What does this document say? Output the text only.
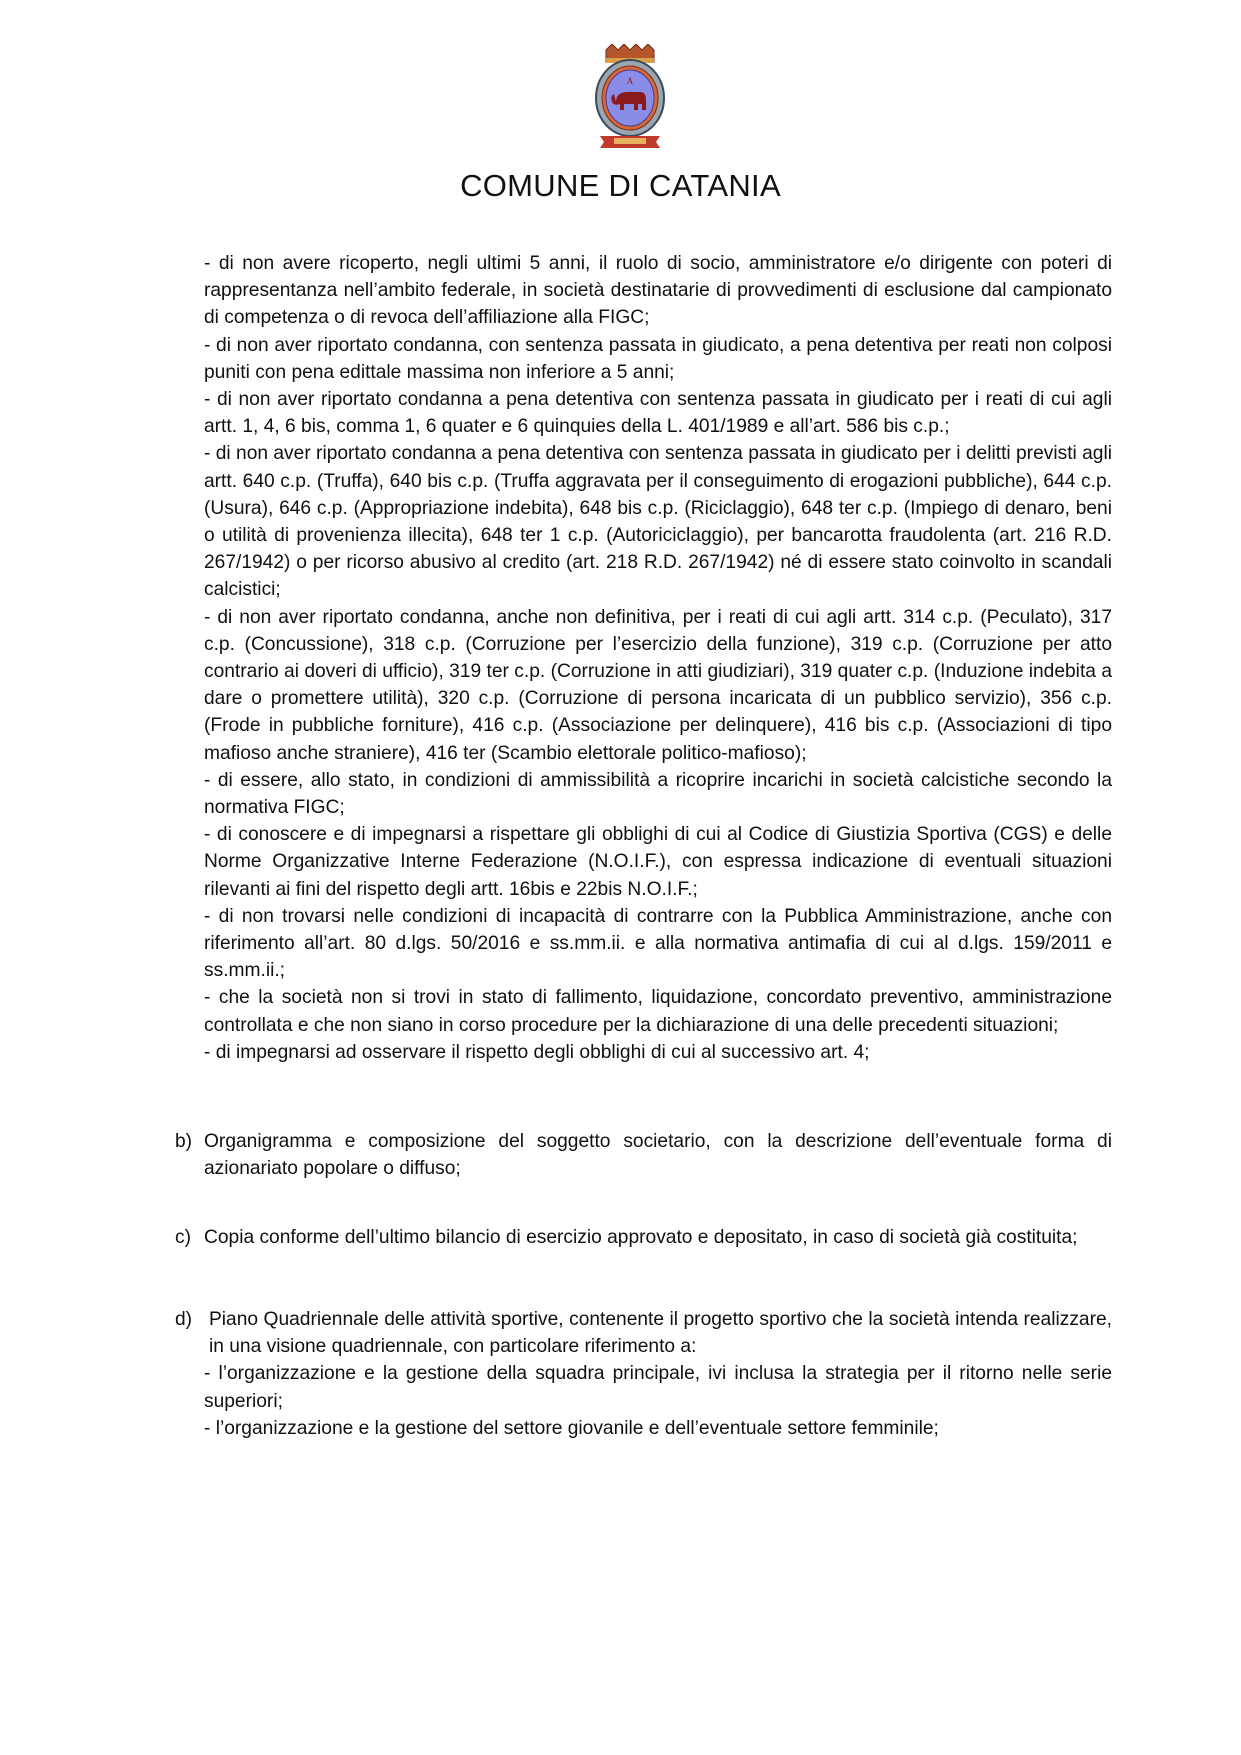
A
COMUNE DI CATANIA

- di non avere ricoperto, negli ultimi 5 anni, il ruolo di socio, amministratore e/o dirigente con poteri di rappresentanza nell’ambito federale, in società destinatarie di provvedimenti di esclusione dal campionato di competenza o di revoca dell’affiliazione alla FIGC;

- di non aver riportato condanna, con sentenza passata in giudicato, a pena detentiva per reati non colposi puniti con pena edittale massima non inferiore a 5 anni;

- di non aver riportato condanna a pena detentiva con sentenza passata in giudicato per i reati di cui agli artt. 1, 4, 6 bis, comma 1, 6 quater e 6 quinquies della L. 401/1989 e all’art. 586 bis c.p.;

- di non aver riportato condanna a pena detentiva con sentenza passata in giudicato per i delitti previsti agli artt. 640 c.p. (Truffa), 640 bis c.p. (Truffa aggravata per il conseguimento di erogazioni pubbliche), 644 c.p. (Usura), 646 c.p. (Appropriazione indebita), 648 bis c.p. (Riciclaggio), 648 ter c.p. (Impiego di denaro, beni o utilità di provenienza illecita), 648 ter 1 c.p. (Autoriciclaggio), per bancarotta fraudolenta (art. 216 R.D. 267/1942) o per ricorso abusivo al credito (art. 218 R.D. 267/1942) né di essere stato coinvolto in scandali calcistici;

- di non aver riportato condanna, anche non definitiva, per i reati di cui agli artt. 314 c.p. (Peculato), 317 c.p. (Concussione), 318 c.p. (Corruzione per l’esercizio della funzione), 319 c.p. (Corruzione per atto contrario ai doveri di ufficio), 319 ter c.p. (Corruzione in atti giudiziari), 319 quater c.p. (Induzione indebita a dare o promettere utilità), 320 c.p. (Corruzione di persona incaricata di un pubblico servizio), 356 c.p. (Frode in pubbliche forniture), 416 c.p. (Associazione per delinquere), 416 bis c.p. (Associazioni di tipo mafioso anche straniere), 416 ter (Scambio elettorale politico-mafioso);

- di essere, allo stato, in condizioni di ammissibilità a ricoprire incarichi in società calcistiche secondo la normativa FIGC;

- di conoscere e di impegnarsi a rispettare gli obblighi di cui al Codice di Giustizia Sportiva (CGS) e delle Norme Organizzative Interne Federazione (N.O.I.F.), con espressa indicazione di eventuali situazioni rilevanti ai fini del rispetto degli artt. 16bis e 22bis N.O.I.F.;

- di non trovarsi nelle condizioni di incapacità di contrarre con la Pubblica Amministrazione, anche con riferimento all’art. 80 d.lgs. 50/2016 e ss.mm.ii. e alla normativa antimafia di cui al d.lgs. 159/2011 e ss.mm.ii.;

- che la società non si trovi in stato di fallimento, liquidazione, concordato preventivo, amministrazione controllata e che non siano in corso procedure per la dichiarazione di una delle precedenti situazioni;

- di impegnarsi ad osservare il rispetto degli obblighi di cui al successivo art. 4;

b) Organigramma e composizione del soggetto societario, con la descrizione dell’eventuale forma di azionariato popolare o diffuso;
c) Copia conforme dell’ultimo bilancio di esercizio approvato e depositato, in caso di società già costituita;
d) Piano Quadriennale delle attività sportive, contenente il progetto sportivo che la società intenda realizzare, in una visione quadriennale, con particolare riferimento a:
- l’organizzazione e la gestione della squadra principale, ivi inclusa la strategia per il ritorno nelle serie superiori;
- l’organizzazione e la gestione del settore giovanile e dell’eventuale settore femminile;
